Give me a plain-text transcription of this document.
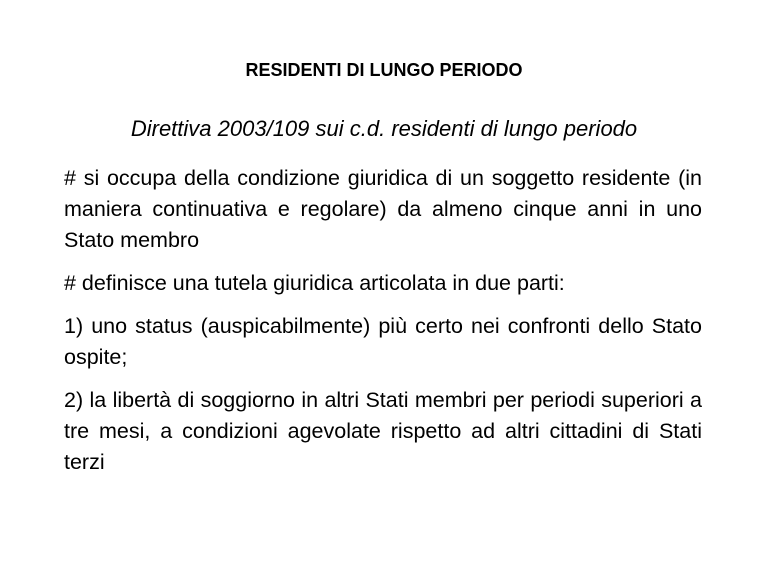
RESIDENTI DI LUNGO PERIODO
Direttiva 2003/109 sui c.d. residenti di lungo periodo

# si occupa della condizione giuridica di un soggetto residente (in maniera continuativa e regolare) da almeno cinque anni in uno Stato membro

# definisce una tutela giuridica articolata in due parti:

1) uno status (auspicabilmente) più certo nei confronti dello Stato ospite;

2) la libertà di soggiorno in altri Stati membri per periodi superiori a tre mesi, a condizioni agevolate rispetto ad altri cittadini di Stati terzi
